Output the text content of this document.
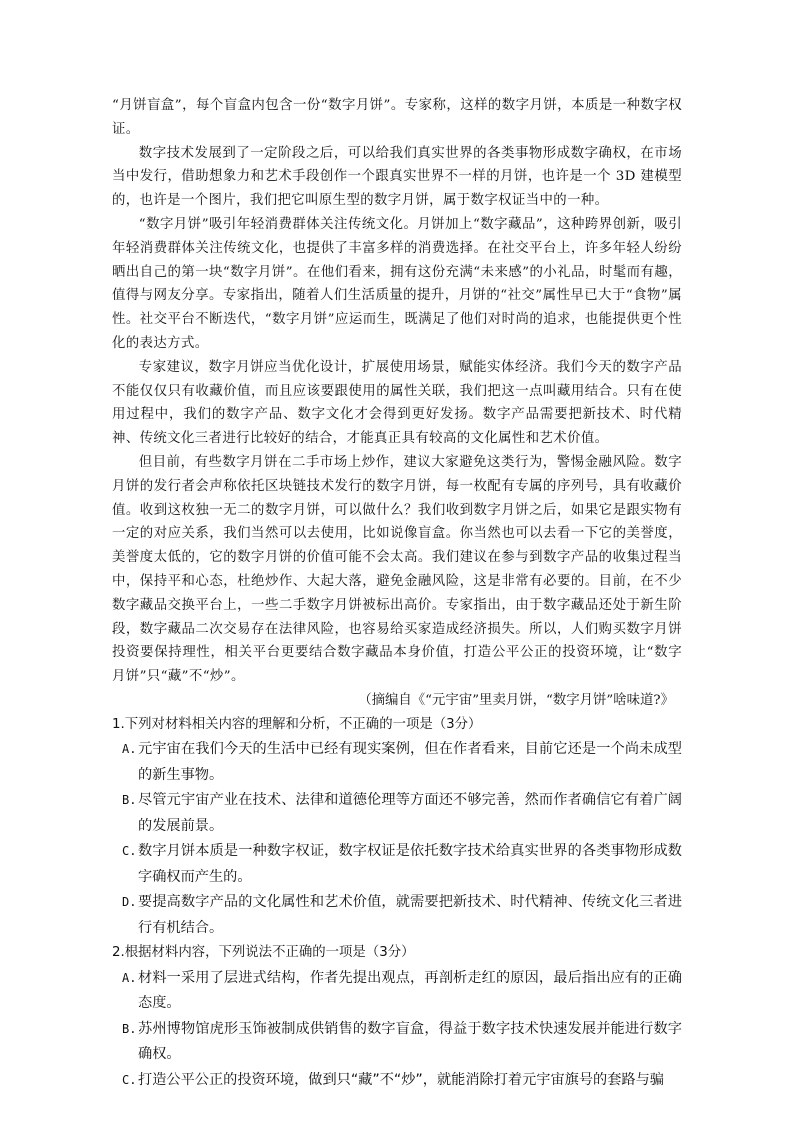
“月饼盲盒”，每个盲盒内包含一份“数字月饼”。专家称，这样的数字月饼，本质是一种数字权证。

数字技术发展到了一定阶段之后，可以给我们真实世界的各类事物形成数字确权，在市场当中发行，借助想象力和艺术手段创作一个跟真实世界不一样的月饼，也许是一个 3D 建模型的，也许是一个图片，我们把它叫原生型的数字月饼，属于数字权证当中的一种。

“数字月饼”吸引年轻消费群体关注传统文化。月饼加上“数字藏品”，这种跨界创新，吸引年轻消费群体关注传统文化，也提供了丰富多样的消费选择。在社交平台上，许多年轻人纷纷晒出自己的第一块“数字月饼”。在他们看来，拥有这份充满“未来感”的小礼品，时髦而有趣，值得与网友分享。专家指出，随着人们生活质量的提升，月饼的“社交”属性早已大于“食物”属性。社交平台不断迭代，“数字月饼”应运而生，既满足了他们对时尚的追求，也能提供更个性化的表达方式。

专家建议，数字月饼应当优化设计，扩展使用场景，赋能实体经济。我们今天的数字产品不能仅仅只有收藏价值，而且应该要跟使用的属性关联，我们把这一点叫藏用结合。只有在使用过程中，我们的数字产品、数字文化才会得到更好发扬。数字产品需要把新技术、时代精神、传统文化三者进行比较好的结合，才能真正具有较高的文化属性和艺术价值。

但目前，有些数字月饼在二手市场上炒作，建议大家避免这类行为，警惕金融风险。数字月饼的发行者会声称依托区块链技术发行的数字月饼，每一枚配有专属的序列号，具有收藏价值。收到这枚独一无二的数字月饼，可以做什么？我们收到数字月饼之后，如果它是跟实物有一定的对应关系，我们当然可以去使用，比如说像盲盒。你当然也可以去看一下它的美誉度，美誉度太低的，它的数字月饼的价值可能不会太高。我们建议在参与到数字产品的收集过程当中，保持平和心态，杜绝炒作、大起大落，避免金融风险，这是非常有必要的。目前，在不少数字藏品交换平台上，一些二手数字月饼被标出高价。专家指出，由于数字藏品还处于新生阶段，数字藏品二次交易存在法律风险，也容易给买家造成经济损失。所以，人们购买数字月饼投资要保持理性，相关平台更要结合数字藏品本身价值，打造公平公正的投资环境，让“数字月饼”只“藏”不“炒”。

（摘编自《“元宇宙”里卖月饼，“数字月饼”啥味道?》

1.下列对材料相关内容的理解和分析，不正确的一项是（3分）

A. 元宇宙在我们今天的生活中已经有现实案例，但在作者看来，目前它还是一个尚未成型的新生事物。
B. 尽管元宇宙产业在技术、法律和道德伦理等方面还不够完善，然而作者确信它有着广阔的发展前景。
C. 数字月饼本质是一种数字权证，数字权证是依托数字技术给真实世界的各类事物形成数字确权而产生的。
D. 要提高数字产品的文化属性和艺术价值，就需要把新技术、时代精神、传统文化三者进行有机结合。

2.根据材料内容，下列说法不正确的一项是（3分）

A. 材料一采用了层进式结构，作者先提出观点，再剖析走红的原因，最后指出应有的正确态度。
B. 苏州博物馆虎形玉饰被制成供销售的数字盲盒，得益于数字技术快速发展并能进行数字确权。
C. 打造公平公正的投资环境，做到只“藏”不“炒”，就能消除打着元宇宙旗号的套路与骗
